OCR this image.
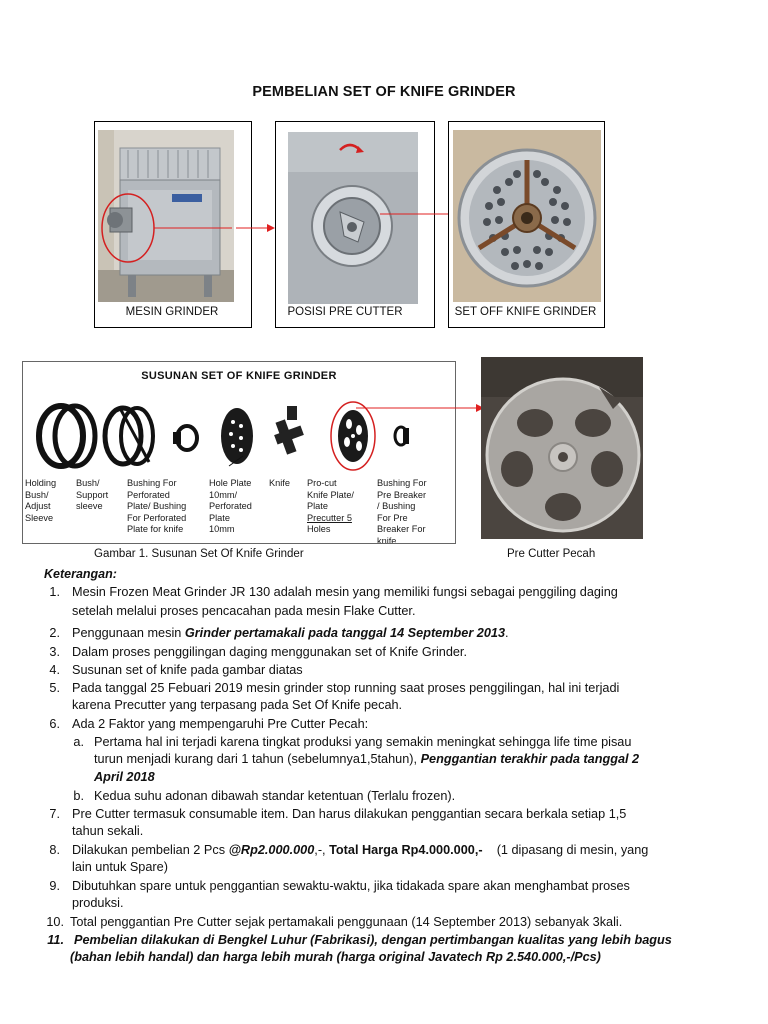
PEMBELIAN SET OF KNIFE GRINDER
MESIN GRINDER	POSISI PRE CUTTER	SET OFF KNIFE GRINDER
SUSUNAN SET OF KNIFE GRINDER
Holding
Bush/
Adjust
Sleeve
Bush/
Support
sleeve
Bushing For
Perforated
Plate/ Bushing
For Perforated
Plate for knife
Hole Plate
10mm/
Perforated
Plate
10mm
Knife Pro-cut
Knife Plate/
Plate
Precutter 5
Holes
Bushing For
Pre Breaker
/ Bushing
For Pre
Breaker For
knife
Gambar 1. Susunan Set Of Knife Grinder	Pre Cutter Pecah
Keterangan:
1. Mesin Frozen Meat Grinder JR 130 adalah mesin yang memiliki fungsi sebagai penggiling daging
setelah melalui proses pencacahan pada mesin Flake Cutter.
2. Penggunaan mesin Grinder pertamakali pada tanggal 14 September 2013.
3. Dalam proses penggilingan daging menggunakan set of Knife Grinder.
4. Susunan set of knife pada gambar diatas
5. Pada tanggal 25 Febuari 2019 mesin grinder stop running saat proses penggilingan, hal ini terjadi
karena Precutter yang terpasang pada Set Of Knife pecah.
6. Ada 2 Faktor yang mempengaruhi Pre Cutter Pecah:
a. Pertama hal ini terjadi karena tingkat produksi yang semakin meningkat sehingga life time pisau
turun menjadi kurang dari 1 tahun (sebelumnya1,5tahun), Penggantian terakhir pada tanggal 2
April 2018
b. Kedua suhu adonan dibawah standar ketentuan (Terlalu frozen).
7. Pre Cutter termasuk consumable item. Dan harus dilakukan penggantian secara berkala setiap 1,5
tahun sekali.
8. Dilakukan pembelian 2 Pcs @Rp2.000.000,-, Total Harga Rp4.000.000,-    (1 dipasang di mesin, yang
lain untuk Spare)
9. Dibutuhkan spare untuk penggantian sewaktu-waktu, jika tidakada spare akan menghambat proses
produksi.
10. Total penggantian Pre Cutter sejak pertamakali penggunaan (14 September 2013) sebanyak 3kali.
11. Pembelian dilakukan di Bengkel Luhur (Fabrikasi), dengan pertimbangan kualitas yang lebih bagus
(bahan lebih handal) dan harga lebih murah (harga original Javatech Rp 2.540.000,-/Pcs)
